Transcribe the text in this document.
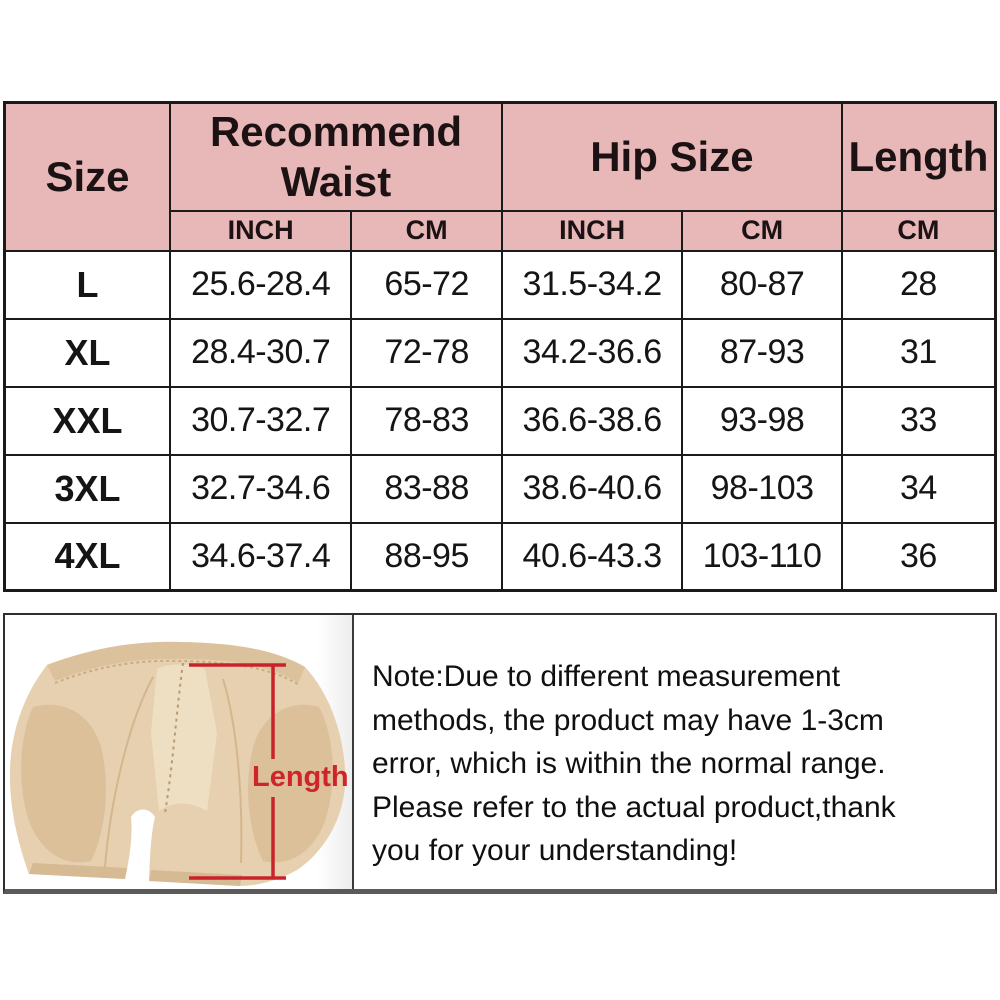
Size	Recommend Waist		Hip Size		Length
	INCH	CM	INCH	CM	CM
L	25.6-28.4	65-72	31.5-34.2	80-87	28
XL	28.4-30.7	72-78	34.2-36.6	87-93	31
XXL	30.7-32.7	78-83	36.6-38.6	93-98	33
3XL	32.7-34.6	83-88	38.6-40.6	98-103	34
4XL	34.6-37.4	88-95	40.6-43.3	103-110	36
Length
Note:Due to different measurement
methods, the product may have 1-3cm
error, which is within the normal range.
Please refer to the actual product,thank
you for your understanding!
